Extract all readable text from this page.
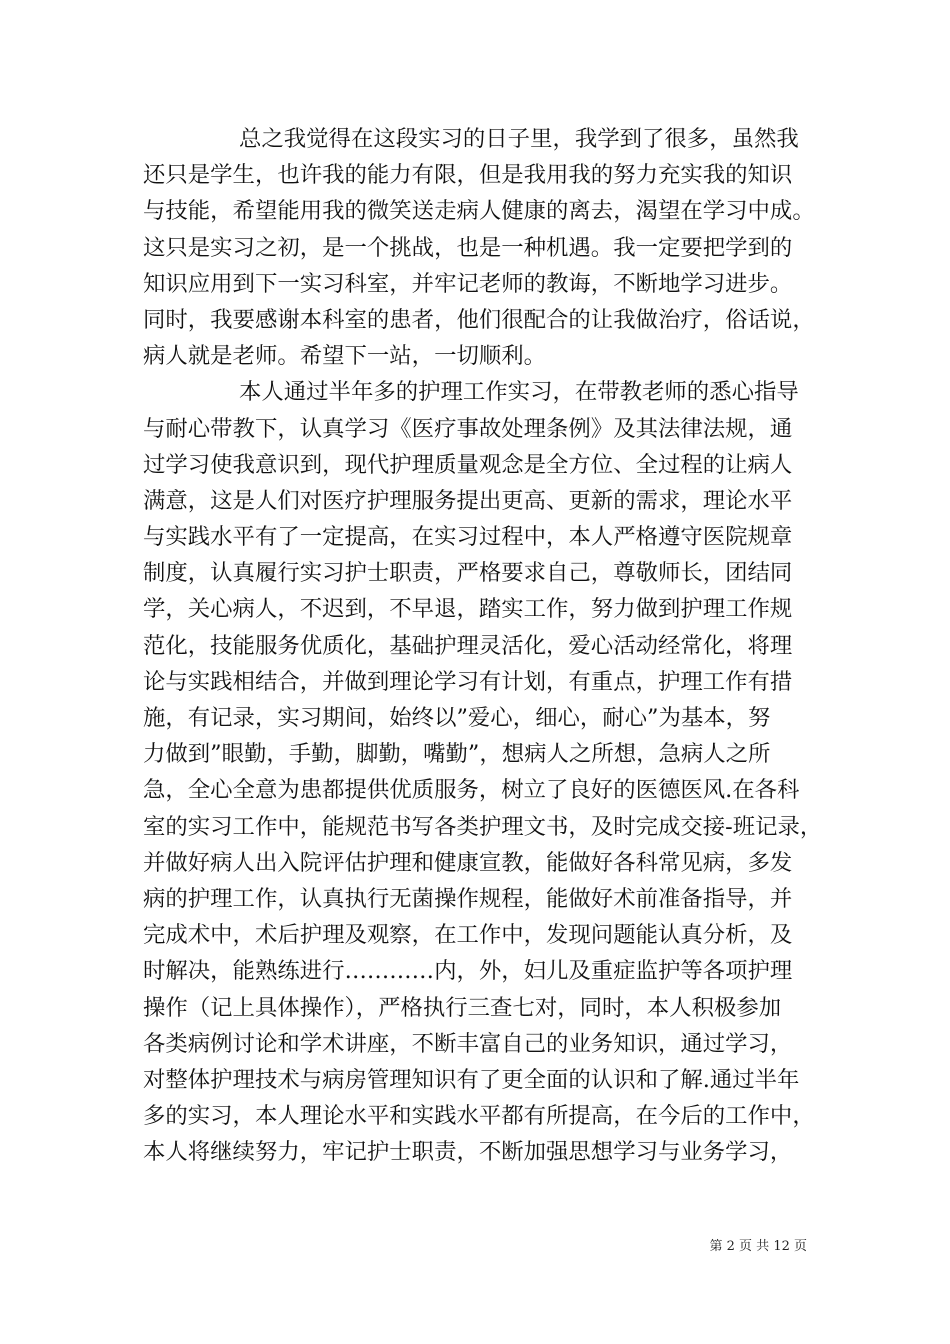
总之我觉得在这段实习的日子里，我学到了很多，虽然我
还只是学生，也许我的能力有限，但是我用我的努力充实我的知识
与技能，希望能用我的微笑送走病人健康的离去，渴望在学习中成。
这只是实习之初，是一个挑战，也是一种机遇。我一定要把学到的
知识应用到下一实习科室，并牢记老师的教诲，不断地学习进步。
同时，我要感谢本科室的患者，他们很配合的让我做治疗，俗话说，
病人就是老师。希望下一站，一切顺利。

本人通过半年多的护理工作实习，在带教老师的悉心指导
与耐心带教下，认真学习《医疗事故处理条例》及其法律法规，通
过学习使我意识到，现代护理质量观念是全方位、全过程的让病人
满意，这是人们对医疗护理服务提出更高、更新的需求，理论水平
与实践水平有了一定提高，在实习过程中，本人严格遵守医院规章
制度，认真履行实习护士职责，严格要求自己，尊敬师长，团结同
学，关心病人，不迟到，不早退，踏实工作，努力做到护理工作规
范化，技能服务优质化，基础护理灵活化，爱心活动经常化，将理
论与实践相结合，并做到理论学习有计划，有重点，护理工作有措
施，有记录，实习期间，始终以”爱心，细心，耐心”为基本，努
力做到”眼勤，手勤，脚勤，嘴勤”，想病人之所想，急病人之所
急，全心全意为患都提供优质服务，树立了良好的医德医风.在各科
室的实习工作中，能规范书写各类护理文书，及时完成交接-班记录，
并做好病人出入院评估护理和健康宣教，能做好各科常见病，多发
病的护理工作，认真执行无菌操作规程，能做好术前准备指导，并
完成术中，术后护理及观察，在工作中，发现问题能认真分析，及
时解决，能熟练进行…………内，外，妇儿及重症监护等各项护理
操作（记上具体操作），严格执行三查七对，同时，本人积极参加
各类病例讨论和学术讲座，不断丰富自己的业务知识，通过学习，
对整体护理技术与病房管理知识有了更全面的认识和了解.通过半年
多的实习，本人理论水平和实践水平都有所提高，在今后的工作中，
本人将继续努力，牢记护士职责，不断加强思想学习与业务学习，

第 2 页 共 12 页
